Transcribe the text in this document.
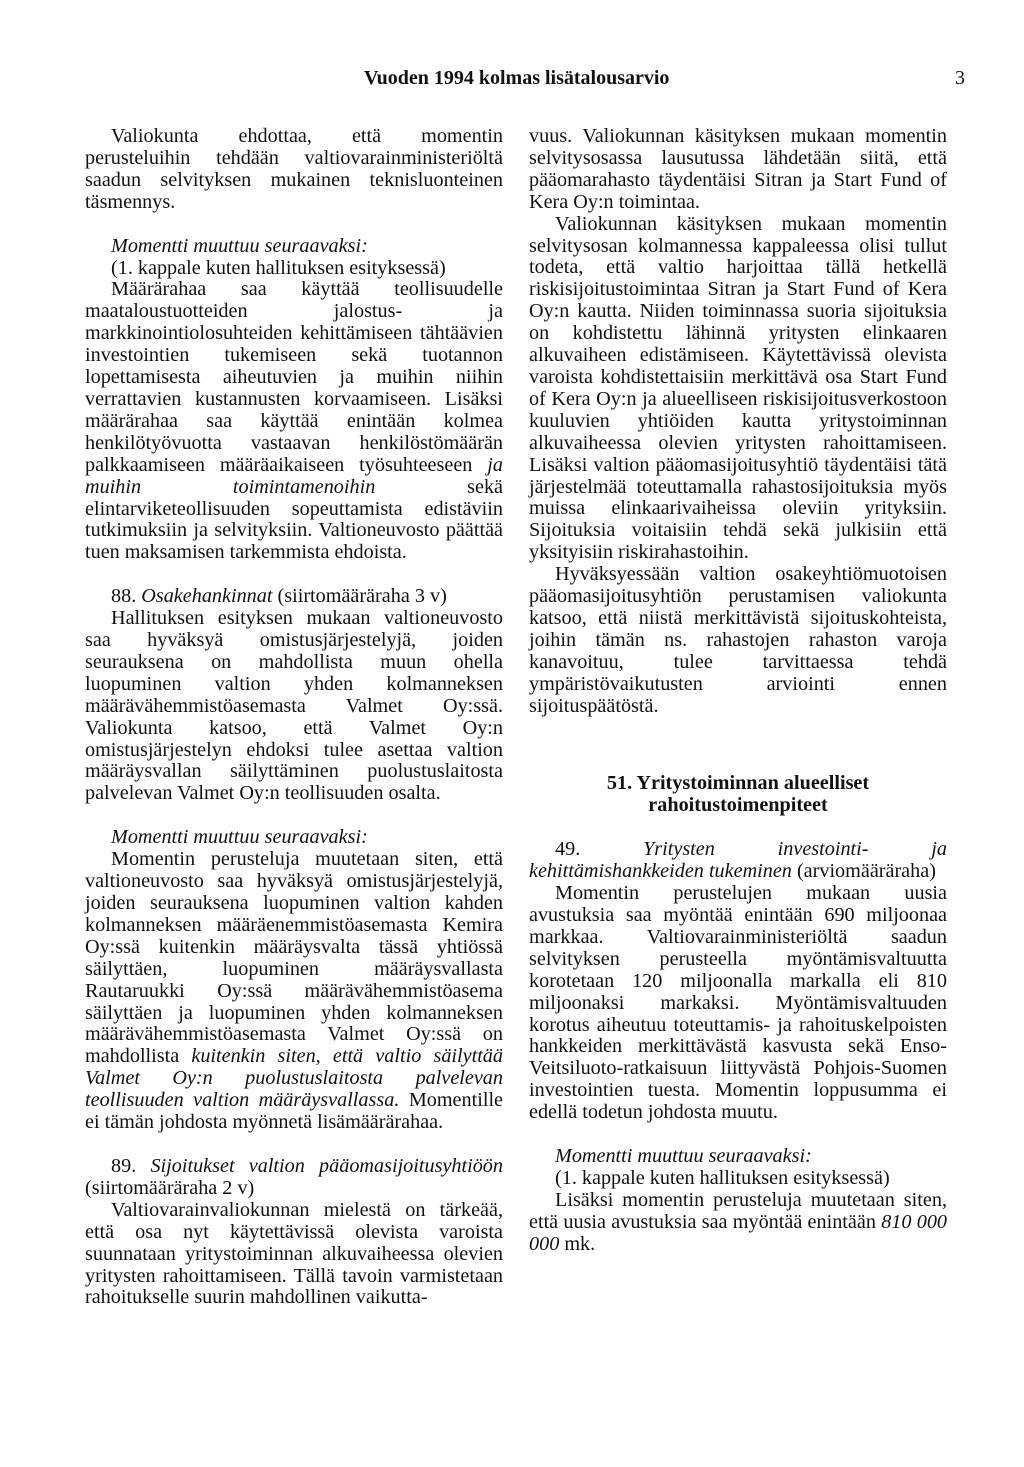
Vuoden 1994 kolmas lisätalousarvio	3

Valiokunta ehdottaa, että momentin perusteluihin tehdään valtiovarainministeriöltä saadun selvityksen mukainen teknisluonteinen täsmennys.

Momentti muuttuu seuraavaksi:

(1. kappale kuten hallituksen esityksessä)

Määrärahaa saa käyttää teollisuudelle maataloustuotteiden jalostus- ja markkinointiolosuhteiden kehittämiseen tähtäävien investointien tukemiseen sekä tuotannon lopettamisesta aiheutuvien ja muihin niihin verrattavien kustannusten korvaamiseen. Lisäksi määrärahaa saa käyttää enintään kolmea henkilötyövuotta vastaavan henkilöstömäärän palkkaamiseen määräaikaiseen työsuhteeseen ja muihin toimintamenoihin	sekä elintarviketeollisuuden sopeuttamista edistäviin tutkimuksiin ja selvityksiin. Valtioneuvosto päättää tuen maksamisen tarkemmista ehdoista.

88. Osakehankinnat (siirtomääräraha 3 v)

Hallituksen esityksen mukaan valtioneuvosto saa hyväksyä omistusjärjestelyjä, joiden seurauksena on mahdollista muun ohella luopuminen valtion yhden kolmanneksen määrävähemmistöasemasta Valmet Oy:ssä. Valiokunta katsoo, että Valmet Oy:n omistusjärjestelyn ehdoksi tulee asettaa valtion määräysvallan säilyttäminen puolustuslaitosta palvelevan Valmet Oy:n teollisuuden osalta.

Momentti muuttuu seuraavaksi:

Momentin perusteluja muutetaan siten, että valtioneuvosto saa hyväksyä omistusjärjestelyjä, joiden seurauksena luopuminen valtion kahden kolmanneksen määräenemmistöasemasta Kemira Oy:ssä kuitenkin määräysvalta tässä yhtiössä säilyttäen, luopuminen määräysvallasta Rautaruukki Oy:ssä määrävähemmistöasema säilyttäen ja luopuminen yhden kolmanneksen määrävähemmistöasemasta Valmet Oy:ssä on mahdollista kuitenkin siten, että valtio säilyttää Valmet Oy:n puolustuslaitosta palvelevan teollisuuden valtion määräysvallassa. Momentille ei tämän johdosta myönnetä lisämäärärahaa.

89. Sijoitukset valtion pääomasijoitusyhtiöön (siirtomääräraha 2 v)

Valtiovarainvaliokunnan mielestä on tärkeää, että osa nyt käytettävissä olevista varoista suunnataan yritystoiminnan alkuvaiheessa olevien yritysten rahoittamiseen. Tällä tavoin varmistetaan rahoitukselle suurin mahdollinen vaikutta-

vuus. Valiokunnan käsityksen mukaan momentin selvitysosassa lausutussa lähdetään siitä, että pääomarahasto täydentäisi Sitran ja Start Fund of Kera Oy:n toimintaa.

Valiokunnan käsityksen mukaan momentin selvitysosan kolmannessa kappaleessa olisi tullut todeta, että valtio harjoittaa tällä hetkellä riskisijoitustoimintaa Sitran ja Start Fund of Kera Oy:n kautta. Niiden toiminnassa suoria sijoituksia on kohdistettu lähinnä yritysten elinkaaren alkuvaiheen edistämiseen. Käytettävissä olevista varoista kohdistettaisiin merkittävä osa Start Fund of Kera Oy:n ja alueelliseen riskisijoitusverkostoon kuuluvien yhtiöiden kautta yritystoiminnan alkuvaiheessa olevien yritysten rahoittamiseen. Lisäksi valtion pääomasijoitusyhtiö täydentäisi tätä järjestelmää toteuttamalla rahastosijoituksia myös muissa elinkaarivaiheissa oleviin yrityksiin. Sijoituksia voitaisiin tehdä sekä julkisiin että yksityisiin riskirahastoihin.

Hyväksyessään valtion osakeyhtiömuotoisen pääomasijoitusyhtiön perustamisen valiokunta katsoo, että niistä merkittävistä sijoituskohteista, joihin tämän ns. rahastojen rahaston varoja kanavoituu, tulee tarvittaessa tehdä ympäristövaikutusten arviointi ennen sijoituspäätöstä.

51. Yritystoiminnan alueelliset rahoitustoimenpiteet

49.	Yritysten investointi- ja kehittämishankkeiden tukeminen (arviomääräraha)

Momentin perustelujen mukaan uusia avustuksia saa myöntää enintään 690 miljoonaa markkaa. Valtiovarainministeriöltä saadun selvityksen perusteella myöntämisvaltuutta korotetaan 120 miljoonalla markalla eli 810 miljoonaksi markaksi. Myöntämisvaltuuden korotus aiheutuu toteuttamis- ja rahoituskelpoisten hankkeiden merkittävästä kasvusta sekä Enso-Veitsiluoto-ratkaisuun liittyvästä Pohjois-Suomen investointien tuesta. Momentin loppusumma ei edellä todetun johdosta muutu.

Momentti muuttuu seuraavaksi:

(1. kappale kuten hallituksen esityksessä)

Lisäksi momentin perusteluja muutetaan siten, että uusia avustuksia saa myöntää enintään 810 000 000 mk.
